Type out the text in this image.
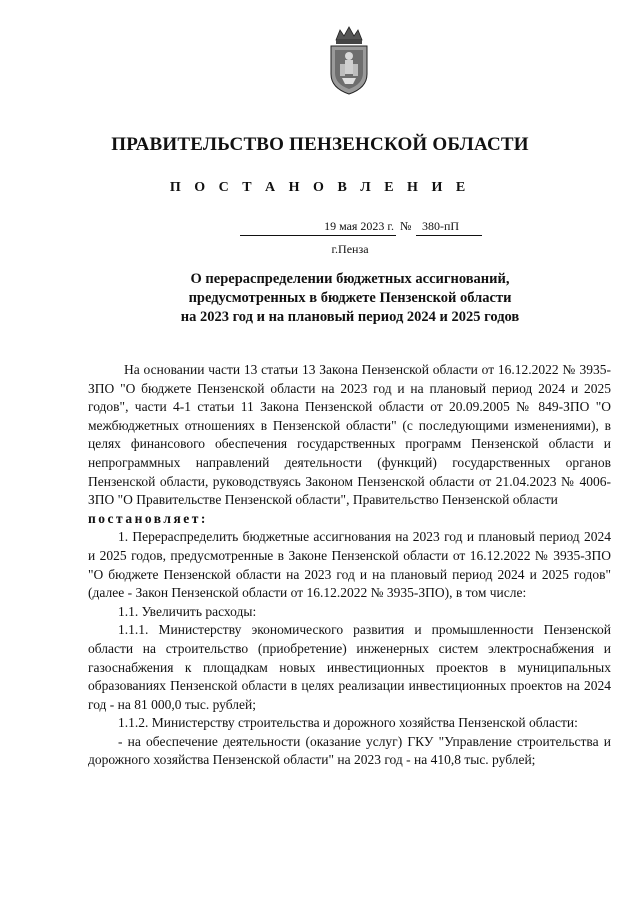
ПРАВИТЕЛЬСТВО ПЕНЗЕНСКОЙ ОБЛАСТИ
П О С Т А Н О В Л Е Н И Е
19 мая 2023 г. № 380-пП
г.Пенза
О перераспределении бюджетных ассигнований,
предусмотренных в бюджете Пензенской области
на 2023 год и на плановый период 2024 и 2025 годов

На основании части 13 статьи 13 Закона Пензенской области от 16.12.2022 № 3935-ЗПО "О бюджете Пензенской области на 2023 год и на плановый период 2024 и 2025 годов", части 4-1 статьи 11 Закона Пензенской области от 20.09.2005 № 849-ЗПО "О межбюджетных отношениях в Пензенской области" (с последующими изменениями), в целях финансового обеспечения государственных программ Пензенской области и непрограммных направлений деятельности (функций) государственных органов Пензенской области, руководствуясь Законом Пензенской области от 21.04.2023 № 4006-ЗПО "О Правительстве Пензенской области", Правительство Пензенской области

постановляет:

1. Перераспределить бюджетные ассигнования на 2023 год и плановый период 2024 и 2025 годов, предусмотренные в Законе Пензенской области от 16.12.2022 № 3935-ЗПО "О бюджете Пензенской области на 2023 год и на плановый период 2024 и 2025 годов" (далее - Закон Пензенской области от 16.12.2022 № 3935-ЗПО), в том числе:

1.1. Увеличить расходы:

1.1.1. Министерству экономического развития и промышленности Пензенской области на строительство (приобретение) инженерных систем электроснабжения и газоснабжения к площадкам новых инвестиционных проектов в муниципальных образованиях Пензенской области в целях реализации инвестиционных проектов на 2024 год - на 81 000,0 тыс. рублей;

1.1.2. Министерству строительства и дорожного хозяйства Пензенской области:

- на обеспечение деятельности (оказание услуг) ГКУ "Управление строительства и дорожного хозяйства Пензенской области" на 2023 год - на 410,8 тыс. рублей;
